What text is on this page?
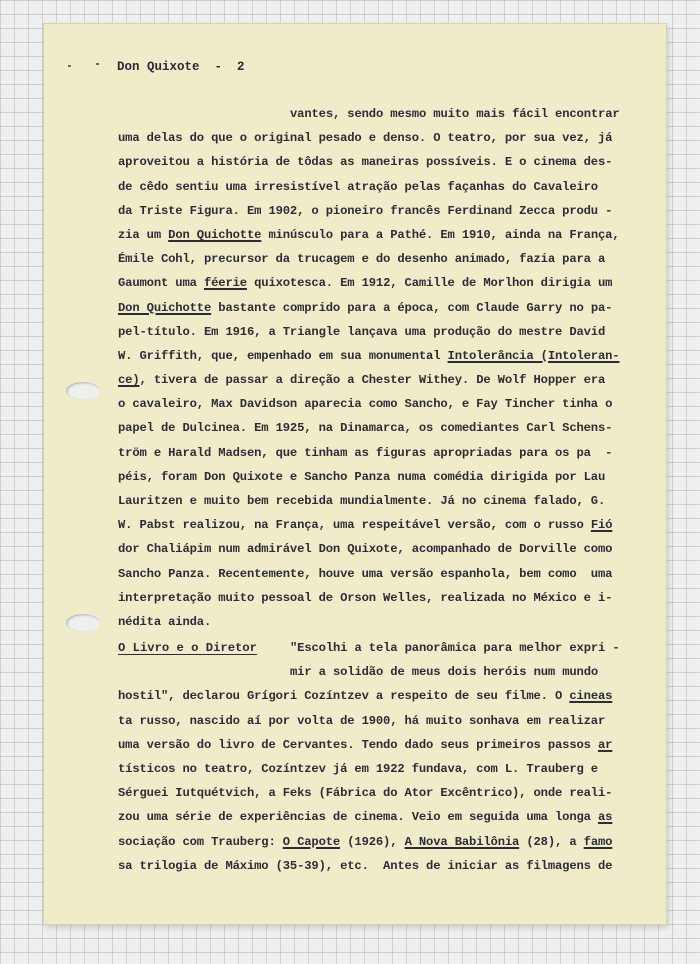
Don Quixote  -  2
vantes, sendo mesmo muito mais fácil encontrar
uma delas do que o original pesado e denso. O teatro, por sua vez, já
aproveitou a história de tôdas as maneiras possíveis. E o cinema des-
de cêdo sentiu uma irresistível atração pelas façanhas do Cavaleiro
da Triste Figura. Em 1902, o pioneiro francês Ferdinand Zecca produ -
zia um Don Quichotte minúsculo para a Pathé. Em 1910, ainda na França,
Émile Cohl, precursor da trucagem e do desenho animado, fazia para a
Gaumont uma féerie quixotesca. Em 1912, Camille de Morlhon dirigia um
Don Quichotte bastante comprido para a época, com Claude Garry no pa-
pel-título. Em 1916, a Triangle lançava uma produção do mestre David
W. Griffith, que, empenhado em sua monumental Intolerância (Intoleran-
ce), tivera de passar a direção a Chester Withey. De Wolf Hopper era
o cavaleiro, Max Davidson aparecia como Sancho, e Fay Tincher tinha o
papel de Dulcinea. Em 1925, na Dinamarca, os comediantes Carl Schens-
tröm e Harald Madsen, que tinham as figuras apropriadas para os pa  -
péis, foram Don Quixote e Sancho Panza numa comédia dirigida por Lau
Lauritzen e muito bem recebida mundialmente. Já no cinema falado, G.
W. Pabst realizou, na França, uma respeitável versão, com o russo Fió
dor Chaliápim num admirável Don Quixote, acompanhado de Dorville como
Sancho Panza. Recentemente, houve uma versão espanhola, bem como  uma
interpretação muito pessoal de Orson Welles, realizada no México e i-
nédita ainda.
O Livro e o Diretor	"Escolhi a tela panorâmica para melhor expri -
mir a solidão de meus dois heróis num mundo
hostil", declarou Grígori Cozíntzev a respeito de seu filme. O cineas
ta russo, nascido aí por volta de 1900, há muito sonhava em realizar
uma versão do livro de Cervantes. Tendo dado seus primeiros passos ar
tísticos no teatro, Cozíntzev já em 1922 fundava, com L. Trauberg e
Sérguei Iutquétvich, a Feks (Fábrica do Ator Excêntrico), onde reali-
zou uma série de experiências de cinema. Veio em seguida uma longa as
sociação com Trauberg: O Capote (1926), A Nova Babilônia (28), a famo
sa trilogia de Máximo (35-39), etc.  Antes de iniciar as filmagens de
